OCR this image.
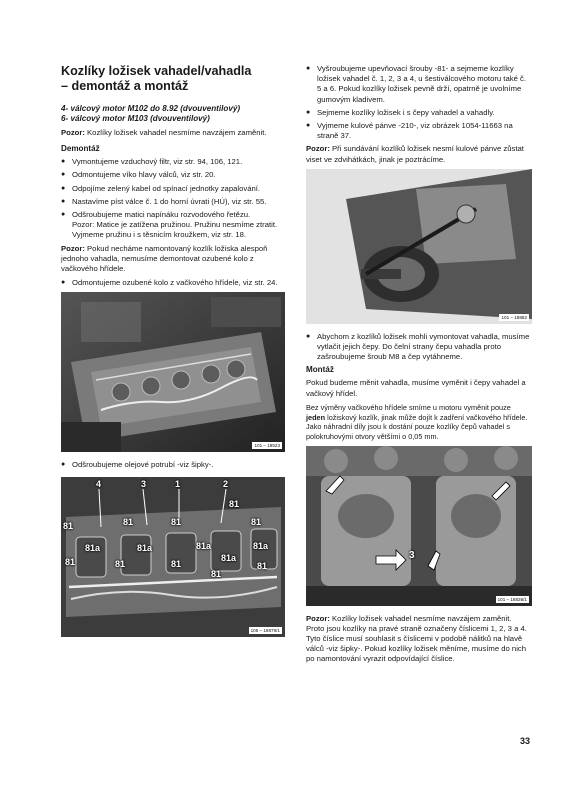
Kozlíky ložisek vahadel/vahadla
– demontáž a montáž
4- válcový motor M102 do 8.92 (dvouventilový)
6- válcový motor M103 (dvouventilový)

Pozor: Kozlíky ložisek vahadel nesmíme navzájem zaměnit.

Demontáž
● Vymontujeme vzduchový filtr, viz str. 94, 106, 121.
● Odmontujeme víko hlavy válců, viz str. 20.
● Odpojíme zelený kabel od spínací jednotky zapalování.
● Nastavíme píst válce č. 1 do horní úvrati (HÚ), viz str. 55.
● Odšroubujeme matici napínáku rozvodového řetězu.
Pozor: Matice je zatížena pružinou. Pružinu nesmíme ztratit. Vyjmeme pružinu i s těsnicím kroužkem, viz str. 18.

Pozor: Pokud necháme namontovaný kozlík ložiska alespoň jednoho vahadla, nemusíme demontovat ozubené kolo z vačkového hřídele.

● Odmontujeme ozubené kolo z vačkového hřídele, viz str. 24.
101 – 18523
● Odšroubujeme olejové potrubí -viz šipky-.
4	3	1	2
81	81	81
81
81
81a	81a
81
81a
81
81a
81
81a
81
81
105 – 18879/1
● Vyšroubujeme upevňovací šrouby -81- a sejmeme kozlíky ložisek vahadel č. 1, 2, 3 a 4, u šestiválcového motoru také č. 5 a 6. Pokud kozlíky ložisek pevně drží, opatrně je uvolníme gumovým kladivem.
● Sejmeme kozlíky ložisek i s čepy vahadel a vahadly.
● Vyjmeme kulové pánve -210-, viz obrázek 1054-11663 na straně 37.

Pozor: Při sundávání kozlíků ložisek nesmí kulové pánve zůstat viset ve zdvihátkách, jinak je poztrácíme.

101 – 18882
● Abychom z kozlíků ložisek mohli vymontovat vahadla, musíme vytlačit jejich čepy. Do čelní strany čepu vahadla proto zašroubujeme šroub M8 a čep vytáhneme.
Montáž

Pokud budeme měnit vahadla, musíme vyměnit i čepy vahadel a vačkový hřídel.

Bez výměny vačkového hřídele smíme u motoru vyměnit pouze jeden ložiskový kozlík, jinak může dojít k zadření vačkového hřídele. Jako náhradní díly jsou k dostání pouze kozlíky čepů vahadel s polokruhovými otvory většími o 0,05 mm.

3
101 – 18836/1

Pozor: Kozlíky ložisek vahadel nesmíme navzájem zaměnit. Proto jsou kozlíky na pravé straně označeny číslicemi 1, 2, 3 a 4. Tyto číslice musí souhlasit s číslicemi v podobě nálitků na hlavě válců -viz šipky-. Pokud kozlíky ložisek měníme, musíme do nich po namontování vyrazit odpovídající číslice.

33
